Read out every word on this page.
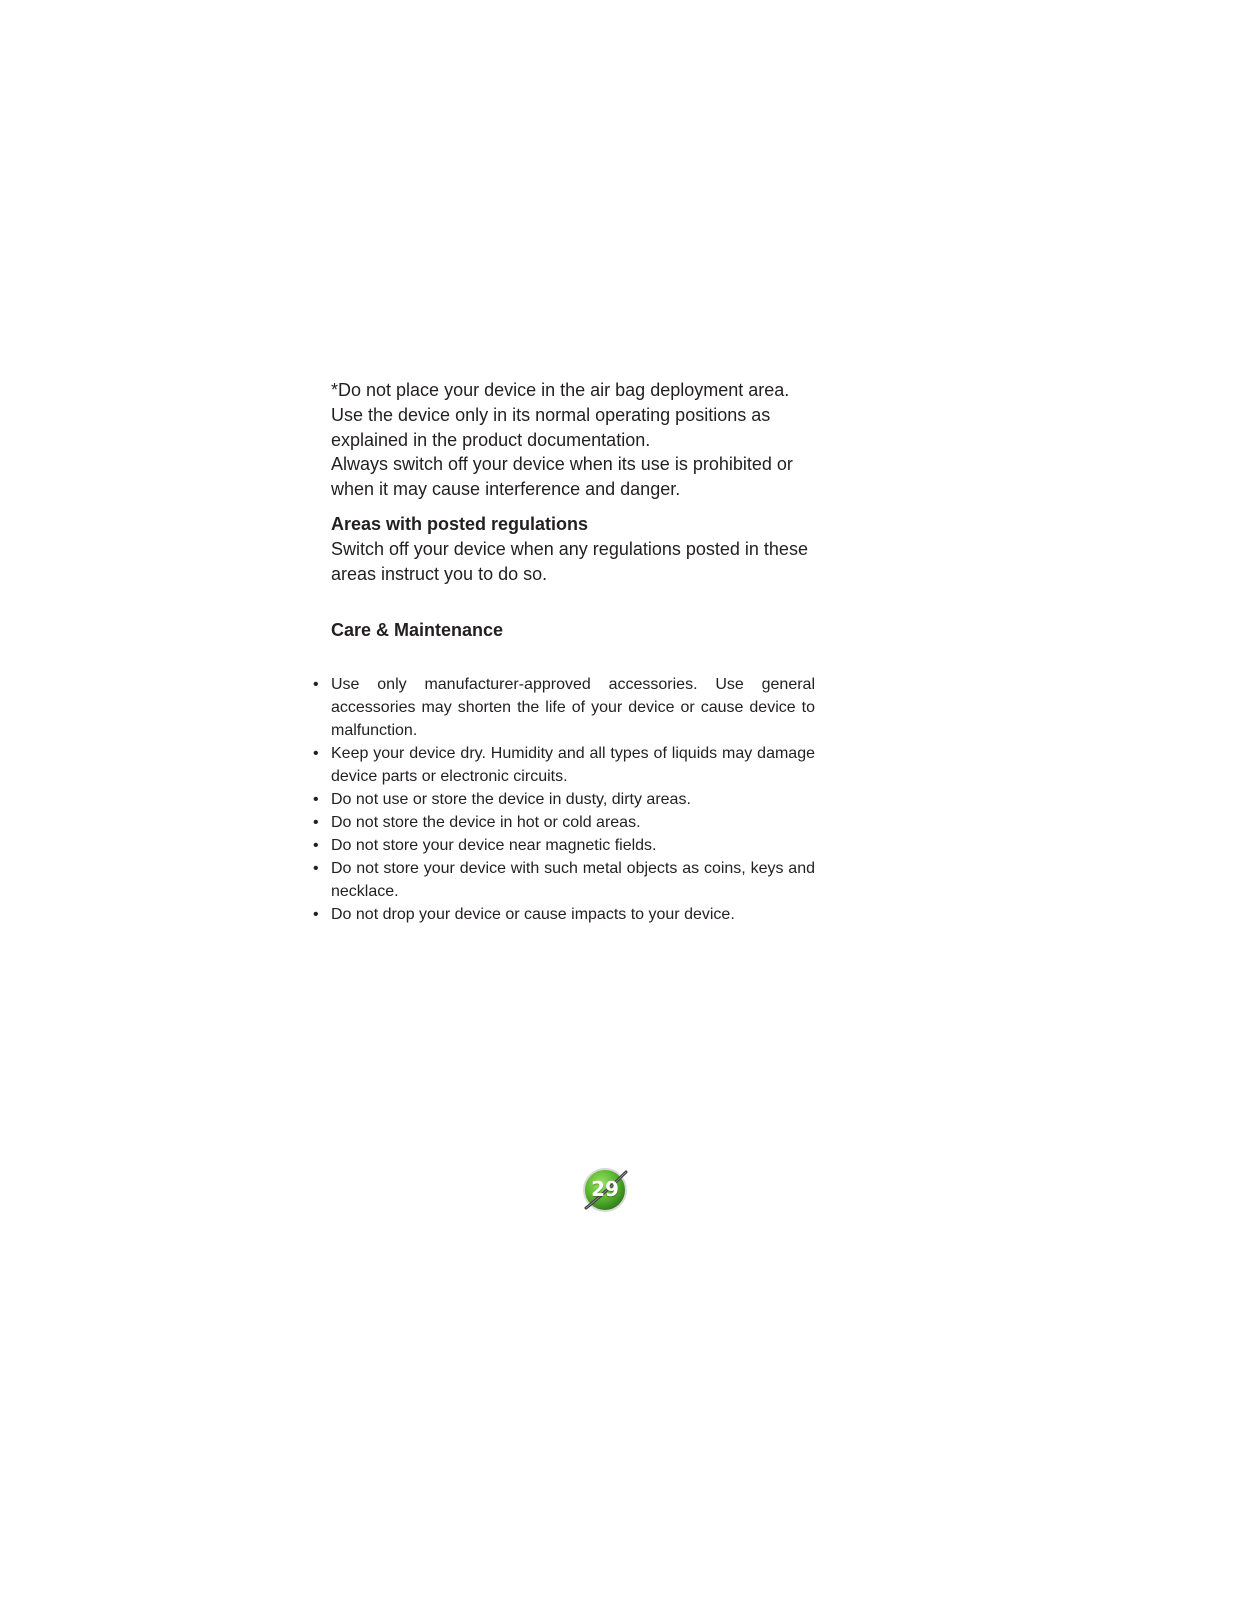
*Do not place your device in the air bag deployment area.

Use the device only in its normal operating positions as

explained in the product documentation.

Always switch off your device when its use is prohibited or

when it may cause interference and danger.

Areas with posted regulations

Switch off your device when any regulations posted in these

areas instruct you to do so.

Care & Maintenance

• Use only manufacturer-approved accessories. Use general accessories may shorten the life of your device or cause device to malfunction.
• Keep your device dry. Humidity and all types of liquids may damage device parts or electronic circuits.
• Do not use or store the device in dusty, dirty areas.
• Do not store the device in hot or cold areas.
• Do not store your device near magnetic fields.
• Do not store your device with such metal objects as coins, keys and necklace.
• Do not drop your device or cause impacts to your device.
29
